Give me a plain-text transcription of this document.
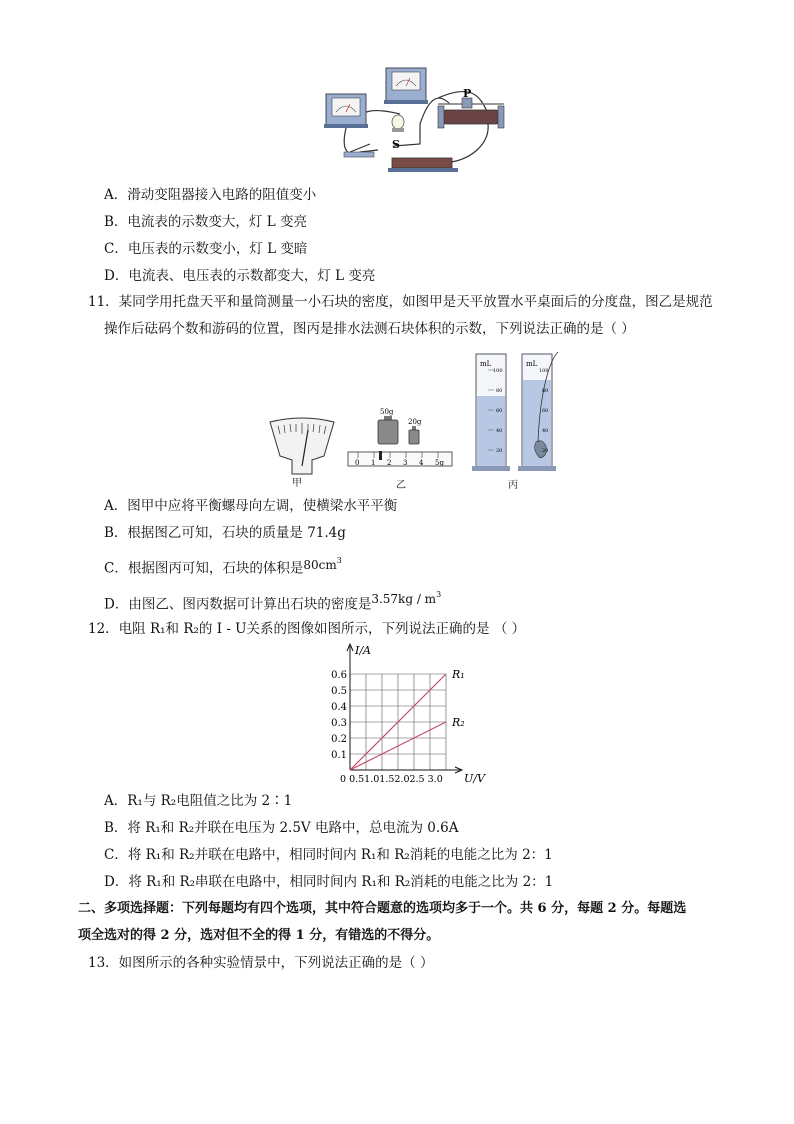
P
S
A．滑动变阻器接入电路的阻值变小
B．电流表的示数变大，灯 L 变亮
C．电压表的示数变小，灯 L 变暗
D．电流表、电压表的示数都变大，灯 L 变亮
11．某同学用托盘天平和量筒测量一小石块的密度，如图甲是天平放置水平桌面后的分度盘，图乙是规范
操作后砝码个数和游码的位置，图丙是排水法测石块体积的示数，下列说法正确的是（ ）
甲
50g
20g
0 1 2 3 4 5g
乙
mL
100
80
60
40
20
mL
100
80
60
40
20
丙
A．图甲中应将平衡螺母向左调，使横梁水平平衡
B．根据图乙可知，石块的质量是 71.4g
C．根据图丙可知，石块的体积是$80cm^3$
D．由图乙、图丙数据可计算出石块的密度是$3.57kg / m^3$
12．电阻 R₁和 R₂的 I - U关系的图像如图所示，下列说法正确的是 （ ）
R₁
R₂
0.1
0.2
0.3
0.4
0.5
0.6
0 0.51.01.52.02.5 3.0
I/A
U/V
A．R₁与 R₂电阻值之比为 2∶1
B．将 R₁和 R₂并联在电压为 2.5V 电路中，总电流为 0.6A
C．将 R₁和 R₂并联在电路中，相同时间内 R₁和 R₂消耗的电能之比为 2：1
D．将 R₁和 R₂串联在电路中，相同时间内 R₁和 R₂消耗的电能之比为 2：1
二、多项选择题：下列每题均有四个选项，其中符合题意的选项均多于一个。共 6 分，每题 2 分。每题选
项全选对的得 2 分，选对但不全的得 1 分，有错选的不得分。
13．如图所示的各种实验情景中，下列说法正确的是（ ）
